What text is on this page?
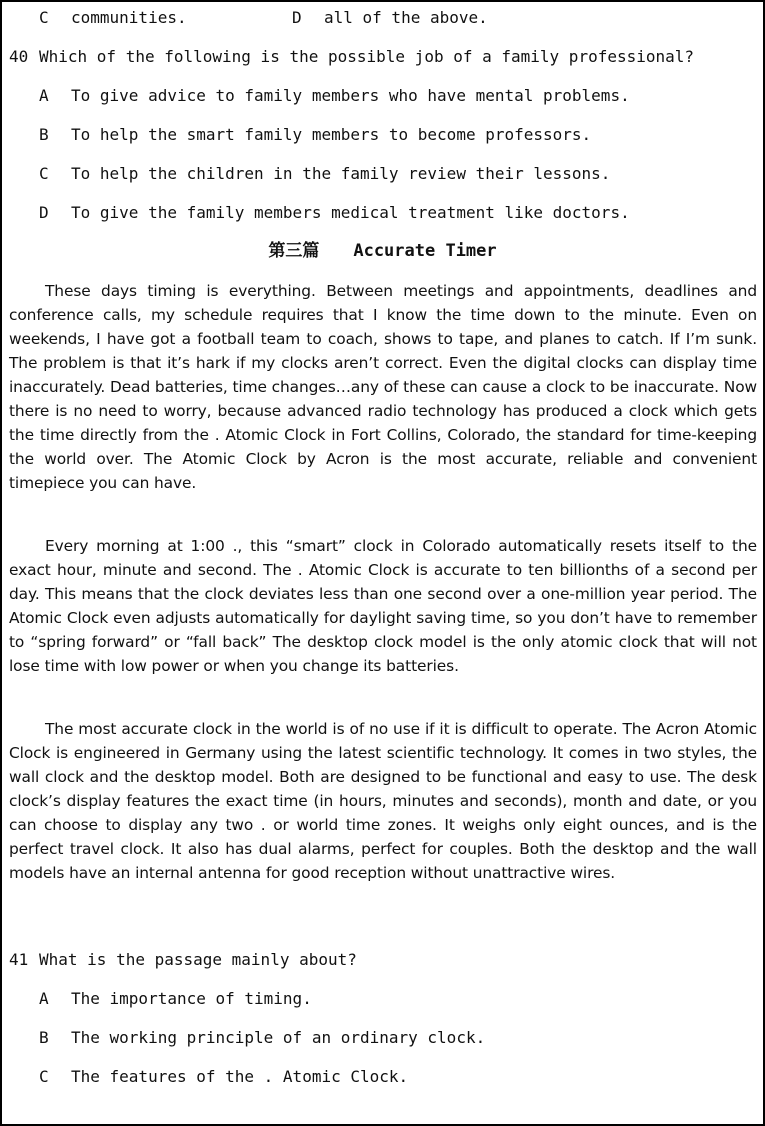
C communities.	D all of the above.
40 Which of the following is the possible job of a family professional?
A To give advice to family members who have mental problems.
B To help the smart family members to become professors.
C To help the children in the family review their lessons.
D To give the family members medical treatment like doctors.
第三篇 Accurate Timer

These days timing is everything. Between meetings and appointments, deadlines and conference calls, my schedule requires that I know the time down to the minute. Even on weekends, I have got a football team to coach, shows to tape, and planes to catch. If I’m sunk. The problem is that it’s hark if my clocks aren’t correct. Even the digital clocks can display time inaccurately. Dead batteries, time changes…any of these can cause a clock to be inaccurate. Now there is no need to worry, because advanced radio technology has produced a clock which gets the time directly from the . Atomic Clock in Fort Collins, Colorado, the standard for time-keeping the world over. The Atomic Clock by Acron is the most accurate, reliable and convenient timepiece you can have.

Every morning at 1:00 ., this “smart” clock in Colorado automatically resets itself to the exact hour, minute and second. The . Atomic Clock is accurate to ten billionths of a second per day. This means that the clock deviates less than one second over a one-million year period. The Atomic Clock even adjusts automatically for daylight saving time, so you don’t have to remember to “spring forward” or “fall back” The desktop clock model is the only atomic clock that will not lose time with low power or when you change its batteries.

The most accurate clock in the world is of no use if it is difficult to operate. The Acron Atomic Clock is engineered in Germany using the latest scientific technology. It comes in two styles, the wall clock and the desktop model. Both are designed to be functional and easy to use. The desk clock’s display features the exact time (in hours, minutes and seconds), month and date, or you can choose to display any two . or world time zones. It weighs only eight ounces, and is the perfect travel clock. It also has dual alarms, perfect for couples. Both the desktop and the wall models have an internal antenna for good reception without unattractive wires.

41 What is the passage mainly about?
A The importance of timing.
B The working principle of an ordinary clock.
C The features of the . Atomic Clock.
